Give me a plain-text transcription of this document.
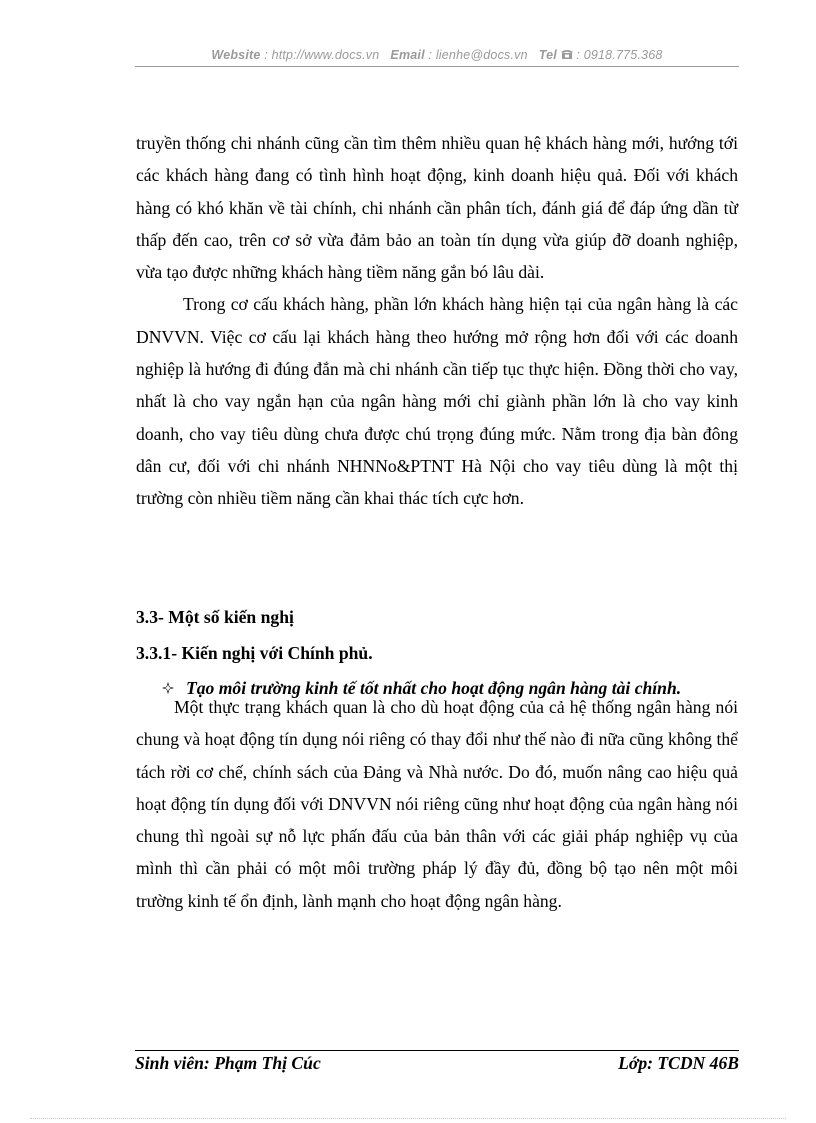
Website : http://www.docs.vn Email : lienhe@docs.vn Tel : 0918.775.368

truyền thống chi nhánh cũng cần tìm thêm nhiều quan hệ khách hàng mới, hướng tới các khách hàng đang có tình hình hoạt động, kinh doanh hiệu quả. Đối với khách hàng có khó khăn về tài chính, chi nhánh cần phân tích, đánh giá để đáp ứng dần từ thấp đến cao, trên cơ sở vừa đảm bảo an toàn tín dụng vừa giúp đỡ doanh nghiệp, vừa tạo được những khách hàng tiềm năng gắn bó lâu dài.

Trong cơ cấu khách hàng, phần lớn khách hàng hiện tại của ngân hàng là các DNVVN. Việc cơ cấu lại khách hàng theo hướng mở rộng hơn đối với các doanh nghiệp là hướng đi đúng đắn mà chi nhánh cần tiếp tục thực hiện. Đồng thời cho vay, nhất là cho vay ngắn hạn của ngân hàng mới chỉ giành phần lớn là cho vay kinh doanh, cho vay tiêu dùng chưa được chú trọng đúng mức. Nằm trong địa bàn đông dân cư, đối với chi nhánh NHNNo&PTNT Hà Nội cho vay tiêu dùng là một thị trường còn nhiều tiềm năng cần khai thác tích cực hơn.

3.3- Một số kiến nghị
3.3.1- Kiến nghị với Chính phủ.
Tạo môi trường kinh tế tốt nhất cho hoạt động ngân hàng tài chính.

Một thực trạng khách quan là cho dù hoạt động của cả hệ thống ngân hàng nói chung và hoạt động tín dụng nói riêng có thay đổi như thế nào đi nữa cũng không thể tách rời cơ chế, chính sách của Đảng và Nhà nước. Do đó, muốn nâng cao hiệu quả hoạt động tín dụng đối với DNVVN nói riêng cũng như hoạt động của ngân hàng nói chung thì ngoài sự nỗ lực phấn đấu của bản thân với các giải pháp nghiệp vụ của mình thì cần phải có một môi trường pháp lý đầy đủ, đồng bộ tạo nên một môi trường kinh tế ổn định, lành mạnh cho hoạt động ngân hàng.

Sinh viên: Phạm Thị Cúc	Lớp: TCDN 46B
